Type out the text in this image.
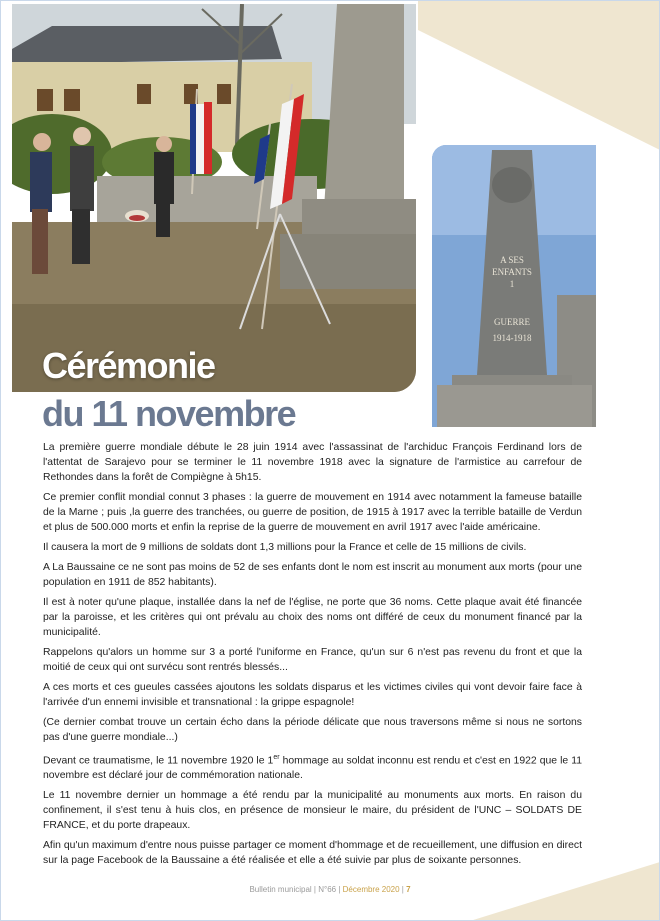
A SES
ENFANTS
1
GUERRE
1914-1918
Cérémonie
du 11 novembre

La première guerre mondiale débute le 28 juin 1914 avec l'assassinat de l'archiduc François Ferdinand lors de l'attentat de Sarajevo pour se terminer le 11 novembre 1918 avec la signature de l'armistice au carrefour de Rethondes dans la forêt de Compiègne à 5h15.

Ce premier conflit mondial connut 3 phases : la guerre de mouvement en 1914 avec notamment la fameuse bataille de la Marne ; puis ,la guerre des tranchées, ou guerre de position, de 1915 à 1917 avec la terrible bataille de Verdun et plus de 500.000 morts et enfin la reprise de la guerre de mouvement en avril 1917 avec l'aide américaine.

Il causera la mort de 9 millions de soldats dont 1,3 millions pour la France et celle de 15 millions de civils.

A La Baussaine ce ne sont pas moins de 52 de ses enfants dont le nom est inscrit au monument aux morts (pour une population en 1911 de 852 habitants).

Il est à noter qu'une plaque, installée dans la nef de l'église, ne porte que 36 noms. Cette plaque avait été financée par la paroisse, et les critères qui ont prévalu au choix des noms ont différé de ceux du monument financé par la municipalité.

Rappelons qu'alors un homme sur 3 a porté l'uniforme en France, qu'un sur 6 n'est pas revenu du front et que la moitié de ceux qui ont survécu sont rentrés blessés...

A ces morts et ces gueules cassées ajoutons les soldats disparus et les victimes civiles qui vont devoir faire face à l'arrivée d'un ennemi invisible et transnational : la grippe espagnole!

(Ce dernier combat trouve un certain écho dans la période délicate que nous traversons même si nous ne sortons pas d'une guerre mondiale...)

Devant ce traumatisme, le 11 novembre 1920 le 1er hommage au soldat inconnu est rendu et c'est en 1922 que le 11 novembre est déclaré jour de commémoration nationale.

Le 11 novembre dernier un hommage a été rendu par la municipalité au monuments aux morts. En raison du confinement, il s'est tenu à huis clos, en présence de monsieur le maire, du président de l'UNC – SOLDATS DE FRANCE, et du porte drapeaux.

Afin qu'un maximum d'entre nous puisse partager ce moment d'hommage et de recueillement, une diffusion en direct sur la page Facebook de la Baussaine a été réalisée et elle a été suivie par plus de soixante personnes.

Bulletin municipal | N°66 | Décembre 2020 | 7
